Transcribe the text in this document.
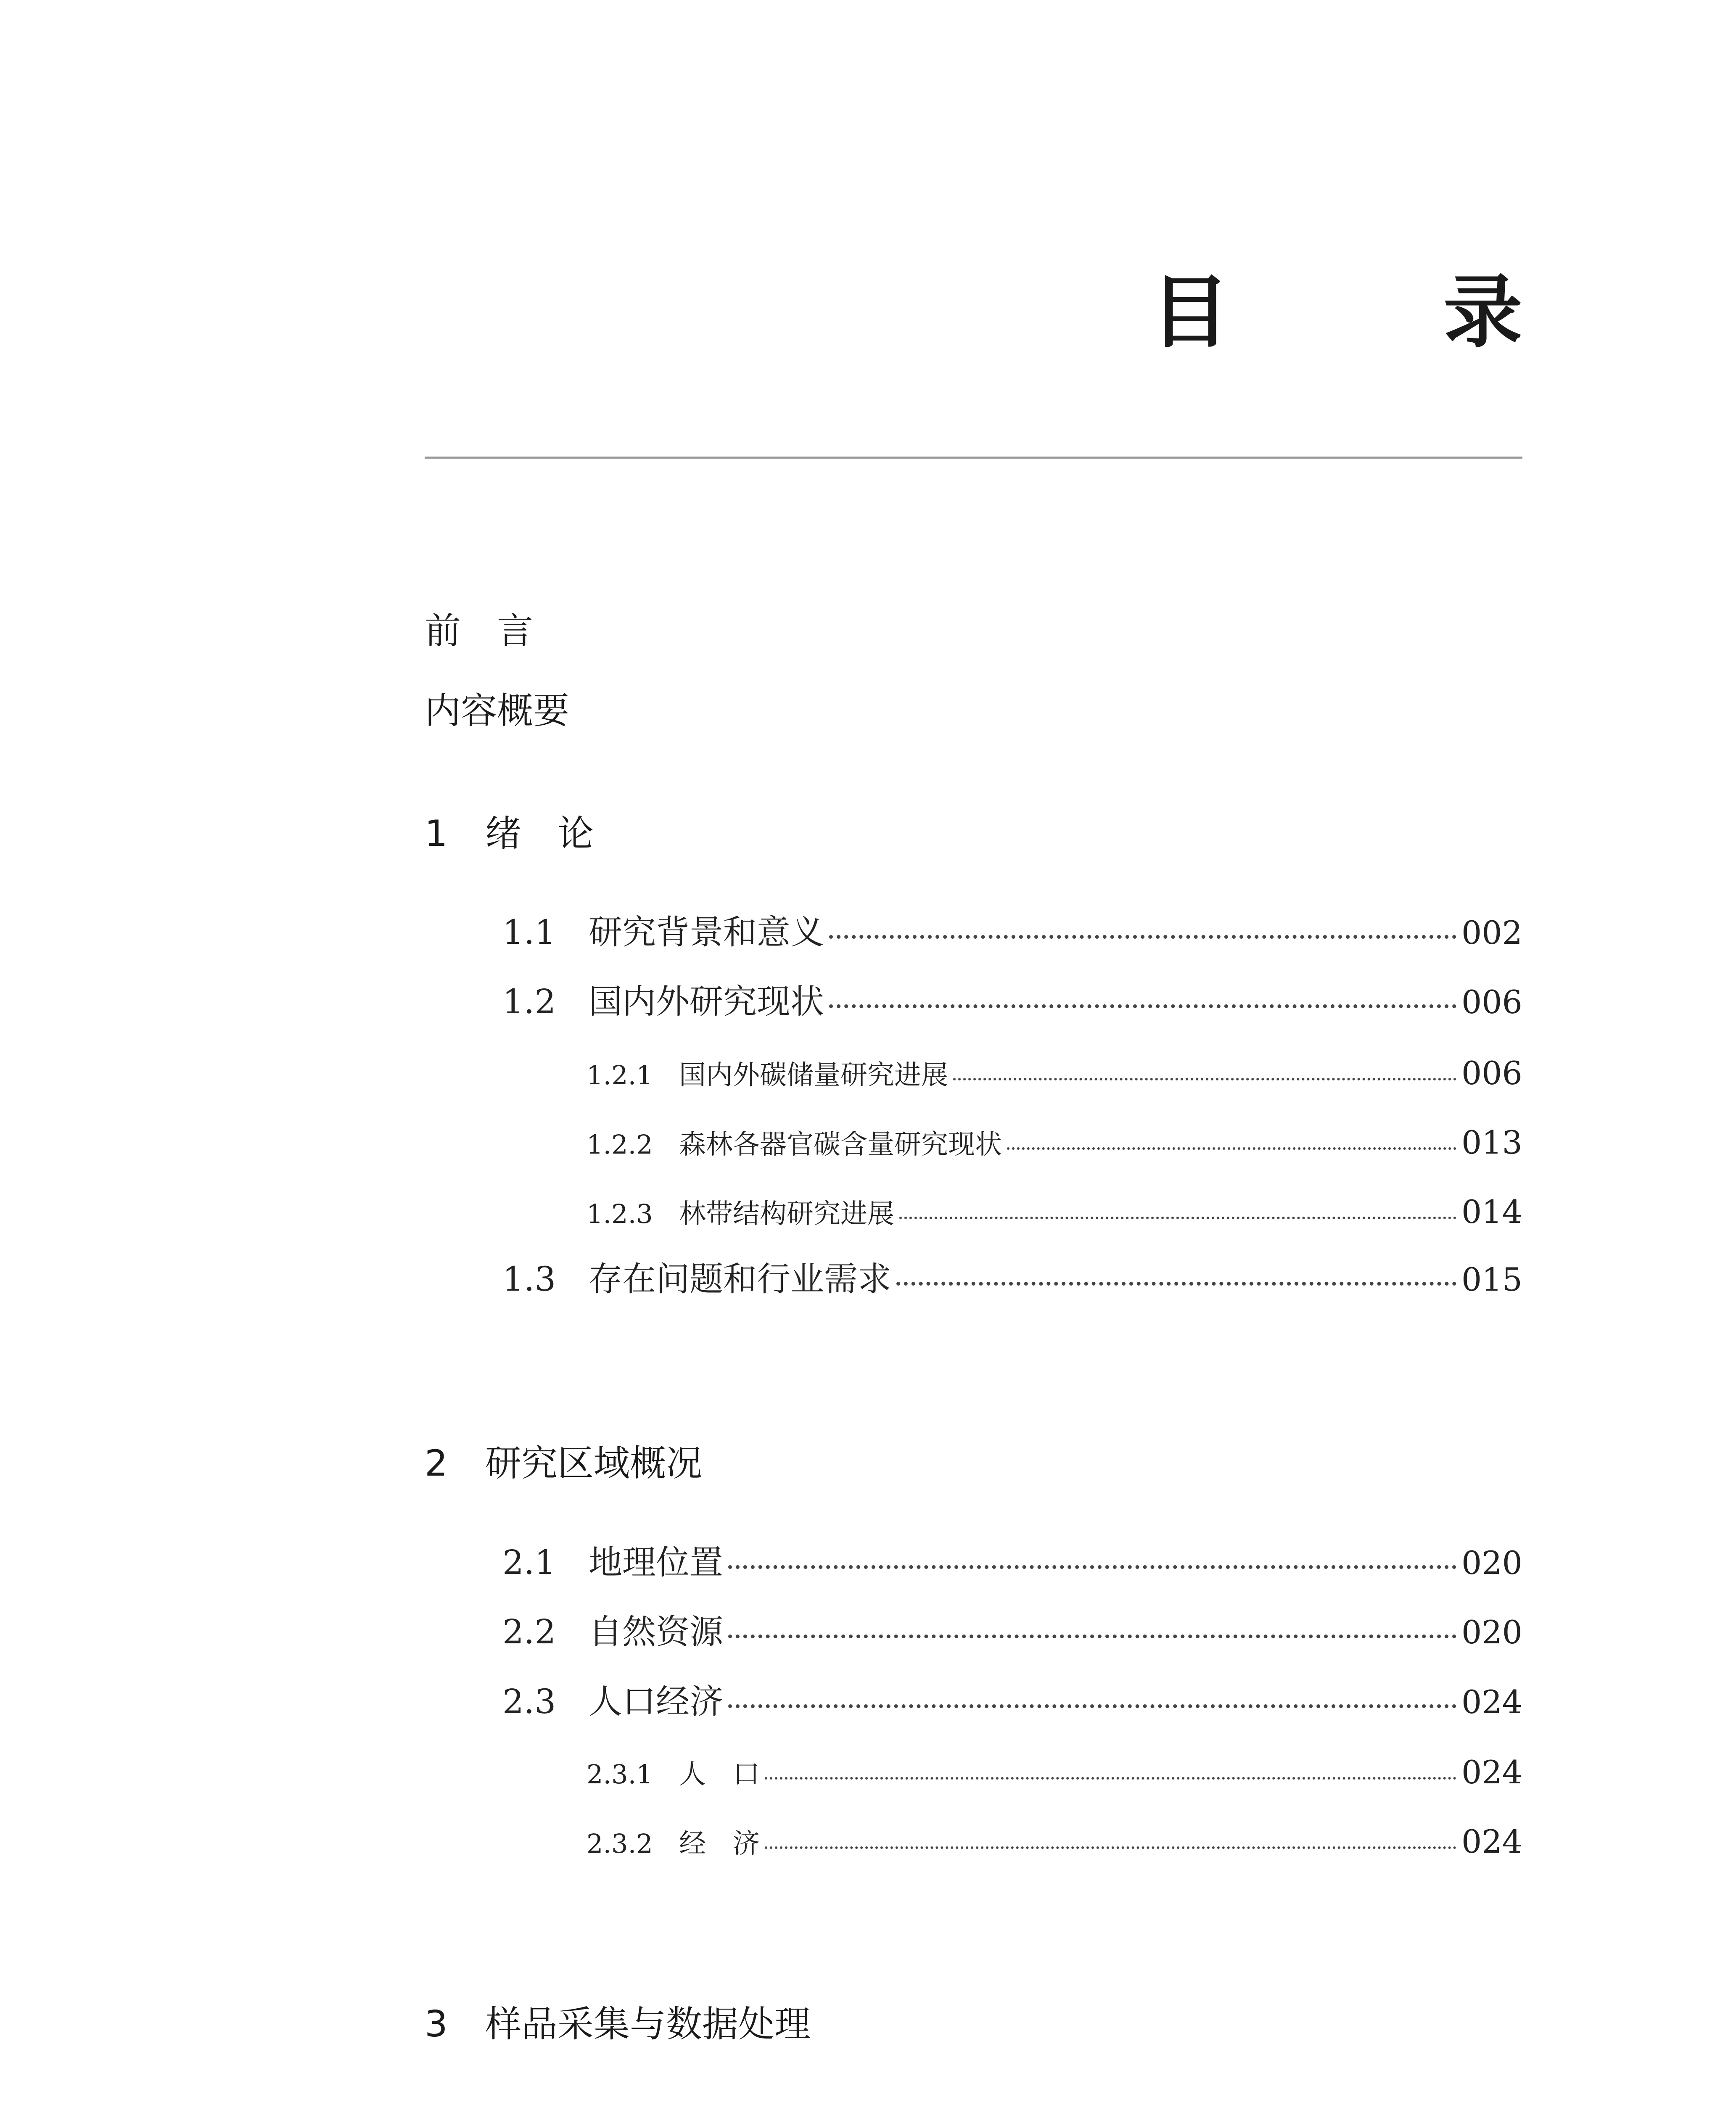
目　录
前　言
内容概要
1 绪　论
1.1 研究背景和意义	002
1.2 国内外研究现状	006
1.2.1 国内外碳储量研究进展	006
1.2.2 森林各器官碳含量研究现状	013
1.2.3 林带结构研究进展	014
1.3 存在问题和行业需求	015
2 研究区域概况
2.1 地理位置	020
2.2 自然资源	020
2.3 人口经济	024
2.3.1 人　口	024
2.3.2 经　济	024
3 样品采集与数据处理
